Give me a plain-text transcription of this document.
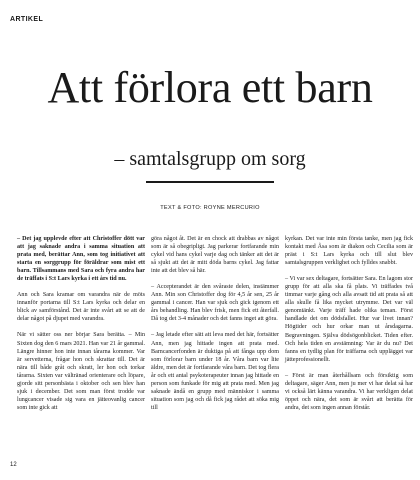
ARTIKEL
Att förlora ett barn
– samtalsgrupp om sorg
TEXT & FOTO: ROYNE MERCURIO

– Det jag upplevde efter att Christoffer dött var att jag saknade andra i samma situation att prata med, berättar Ann, som tog initiativet att starta en sorggrupp för föräldrar som mist ett barn. Tillsammans med Sara och fyra andra har de träffats i S:t Lars kyrka i ett års tid nu.

Ann och Sara kramar om varandra när de möts innanför portarna till S:t Lars kyrka och delar en blick av samförstånd. Det är inte svårt att se att de delar något på djupet med varandra.

När vi sätter oss ner börjar Sara berätta. – Min Sixten dog den 6 mars 2021. Han var 21 år gammal. Längre hinner hon inte innan tårarna kommer. Var är servetterna, frågar hon och skrattar till. Det är nära till både gråt och skratt, ler hon och torkar tårarna. Sixten var vältränad orienterare och löpare, gjorde sitt personbästa i oktober och sen blev han sjuk i december. Det som man först trodde var lungcancer visade sig vara en jätteovanlig cancer som inte gick att

göra något åt. Det är en chock att drabbas av något som är så obegripligt. Jag parkerar fortfarande min cykel vid hans cykel varje dag och tänker att det är så sjukt att det är mitt döda barns cykel. Jag fattar inte att det blev så här.

– Accepterandet är den svåraste delen, instämmer Ann. Min son Christoffer dog för 4,5 år sen, 25 år gammal i cancer. Han var sjuk och gick igenom ett års behandling. Han blev frisk, men fick ett återfall. Då tog det 3-4 månader och det fanns inget att göra.

– Jag letade efter sätt att leva med det här, fortsätter Ann, men jag hittade ingen att prata med. Barncancerfonden är duktiga på att fånga upp dom som förlorar barn under 18 år. Våra barn var lite äldre, men det är fortfarande våra barn. Det tog flera år och ett antal psykoterapeuter innan jag hittade en person som funkade för mig att prata med. Men jag saknade ändå en grupp med människor i samma situation som jag och då fick jag rådet att söka mig till

kyrkan. Det var inte min första tanke, men jag fick kontakt med Åsa som är diakon och Cecilia som är präst i S:t Lars kyrka och till slut blev samtalsgruppen verklighet och fylldes snabbt.

– Vi var sex deltagare, fortsätter Sara. En lagom stor grupp för att alla ska få plats. Vi träffades två timmar varje gång och alla avsatt tid att prata så att alla skulle få lika mycket utrymme. Det var väl genomtänkt. Varje träff hade olika teman. Först handlade det om dödsfallet. Hur var livet innan? Högtider och hur orkar man ut årsdagarna. Begravningen. Själva dödsögonblicket. Tiden efter. Och hela tiden en avstämning: Var är du nu? Det fanns en tydlig plan för träffarna och upplägget var jätteprofessionellt.

– Först är man återhållsam och försiktig som deltagare, säger Ann, men ju mer vi har delat så har vi också lärt känna varandra. Vi har verkligen delat öppet och nära, det som är svårt att berätta för andra, det som ingen annan förstår.

12
